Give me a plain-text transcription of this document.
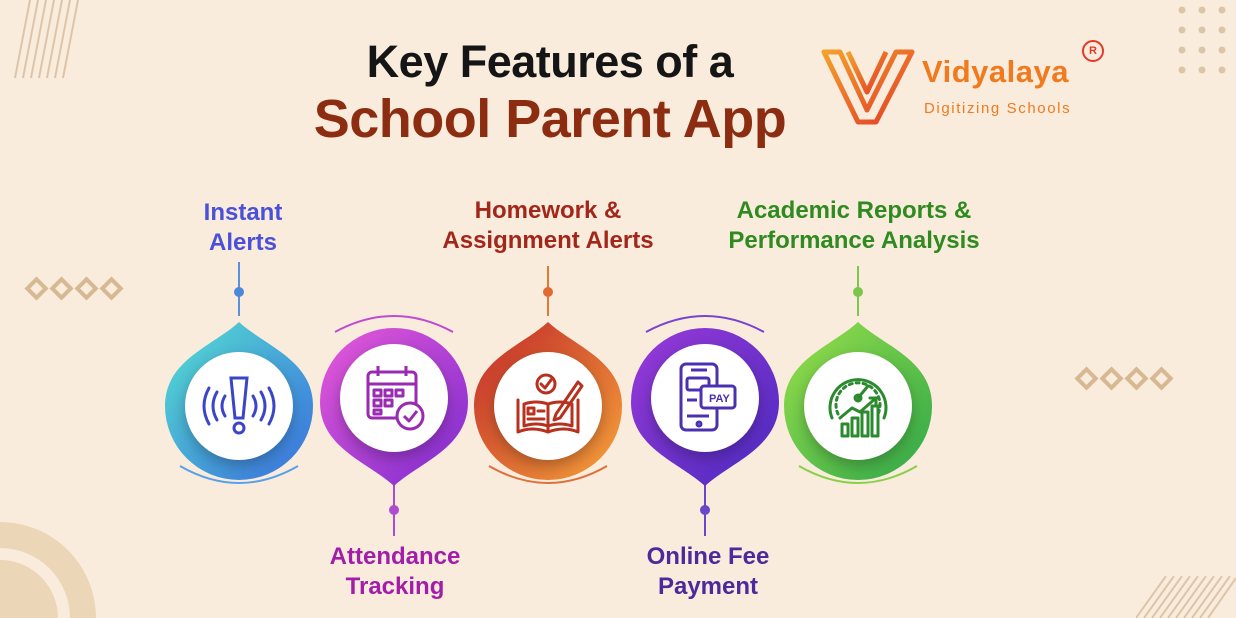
Key Features of a
School Parent App
Vidyalaya
Digitizing Schools
R
Instant
Alerts
Attendance
Tracking
Homework &
Assignment Alerts
Online Fee
Payment
Academic Reports &
Performance Analysis
PAY
